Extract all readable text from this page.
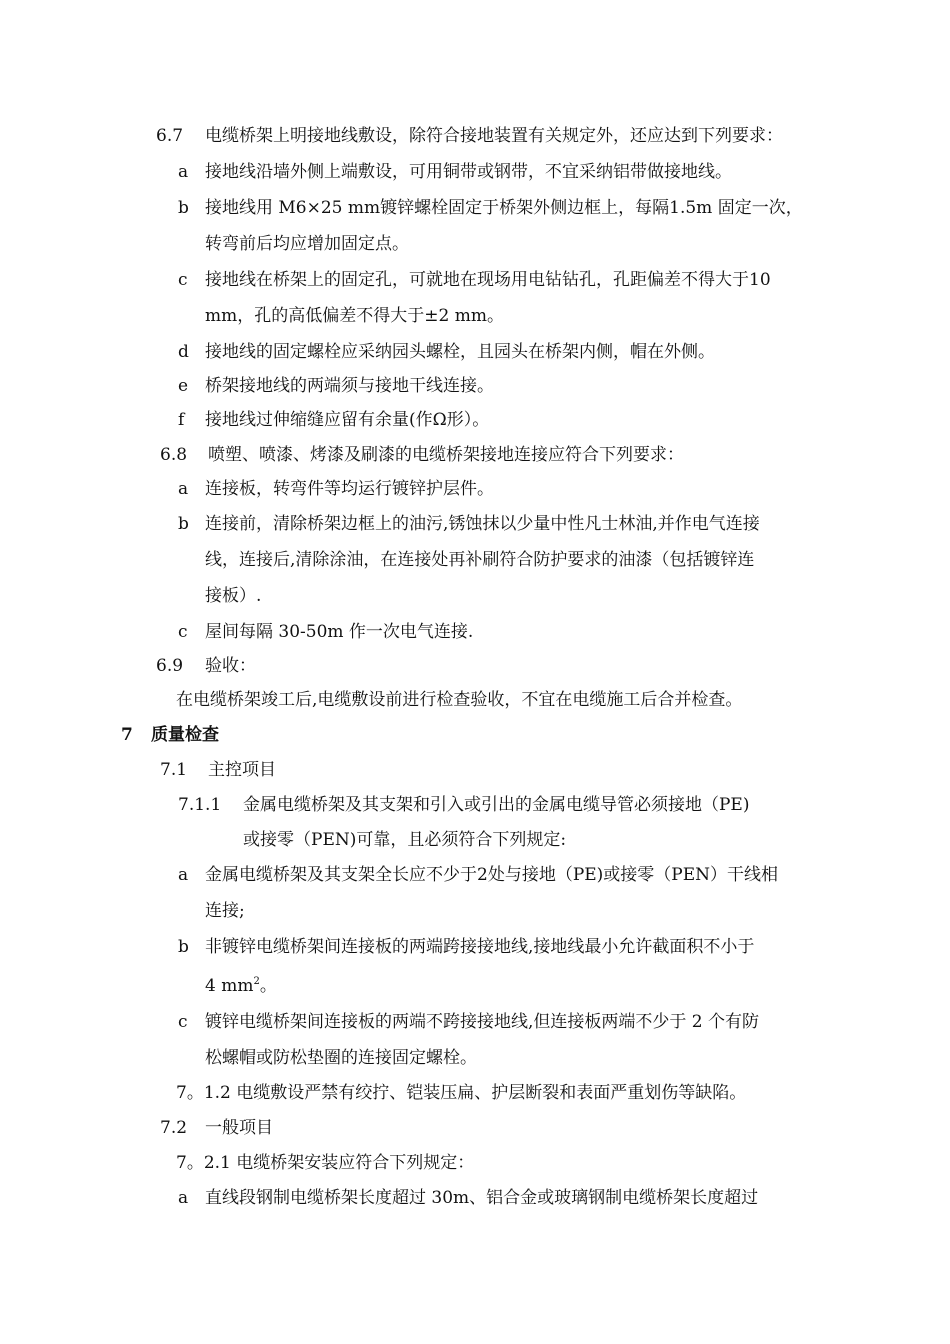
6.7 电缆桥架上明接地线敷设，除符合接地装置有关规定外，还应达到下列要求：
a 接地线沿墙外侧上端敷设，可用铜带或钢带，不宜采纳铝带做接地线。
b 接地线用 M6×25 mm镀锌螺栓固定于桥架外侧边框上，每隔1.5m 固定一次，
转弯前后均应增加固定点。
c 接地线在桥架上的固定孔，可就地在现场用电钻钻孔，孔距偏差不得大于10
mm，孔的高低偏差不得大于±2 mm。
d 接地线的固定螺栓应采纳园头螺栓，且园头在桥架内侧，帽在外侧。
e 桥架接地线的两端须与接地干线连接。
f 接地线过伸缩缝应留有余量(作Ω形）。
6.8 喷塑、喷漆、烤漆及刷漆的电缆桥架接地连接应符合下列要求：
a 连接板，转弯件等均运行镀锌护层件。
b 连接前，清除桥架边框上的油污,锈蚀抹以少量中性凡士林油,并作电气连接
线，连接后,清除涂油，在连接处再补刷符合防护要求的油漆（包括镀锌连
接板）.
c 屋间每隔 30-50m 作一次电气连接.
6.9 验收：
在电缆桥架竣工后,电缆敷设前进行检查验收，不宜在电缆施工后合并检查。
7 质量检查
7.1 主控项目
7.1.1 金属电缆桥架及其支架和引入或引出的金属电缆导管必须接地（PE)
或接零（PEN)可靠，且必须符合下列规定:
a 金属电缆桥架及其支架全长应不少于2处与接地（PE)或接零（PEN）干线相
连接;
b 非镀锌电缆桥架间连接板的两端跨接接地线,接地线最小允许截面积不小于
4 $mm^2$。
c 镀锌电缆桥架间连接板的两端不跨接接地线,但连接板两端不少于 2 个有防
松螺帽或防松垫圈的连接固定螺栓。
7。1.2 电缆敷设严禁有绞拧、铠装压扁、护层断裂和表面严重划伤等缺陷。
7.2 一般项目
7。2.1 电缆桥架安装应符合下列规定：
a 直线段钢制电缆桥架长度超过 30m、铝合金或玻璃钢制电缆桥架长度超过
